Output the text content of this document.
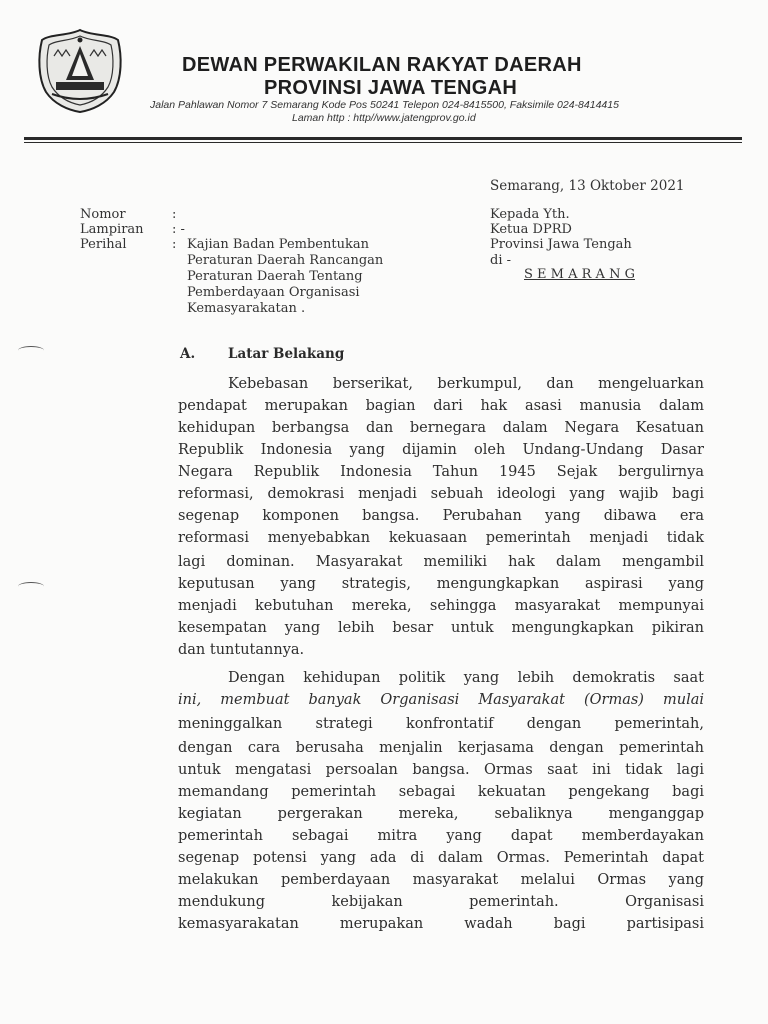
DEWAN PERWAKILAN RAKYAT DAERAH
PROVINSI JAWA TENGAH
Jalan Pahlawan Nomor 7 Semarang Kode Pos 50241 Telepon 024-8415500, Faksimile 024-8414415
Laman http : http//www.jatengprov.go.id
Semarang, 13 Oktober 2021
Nomor	:
Lampiran : -
Perihal	: Kajian Badan Pembentukan
Peraturan Daerah Rancangan
Peraturan Daerah Tentang
Pemberdayaan Organisasi
Kemasyarakatan .
Kepada Yth.
Ketua DPRD
Provinsi Jawa Tengah
di -
S E M A R A N G
A. Latar Belakang
Kebebasan berserikat, berkumpul, dan mengeluarkan
pendapat merupakan bagian dari hak asasi manusia dalam
kehidupan berbangsa dan bernegara dalam Negara Kesatuan
Republik Indonesia yang dijamin oleh Undang-Undang Dasar
Negara Republik Indonesia Tahun 1945 Sejak bergulirnya
reformasi, demokrasi menjadi sebuah ideologi yang wajib bagi
segenap komponen bangsa. Perubahan yang dibawa era
reformasi menyebabkan kekuasaan pemerintah menjadi tidak
lagi dominan. Masyarakat memiliki hak dalam mengambil
keputusan yang strategis, mengungkapkan aspirasi yang
menjadi kebutuhan mereka, sehingga masyarakat mempunyai
kesempatan yang lebih besar untuk mengungkapkan pikiran
dan tuntutannya.
Dengan kehidupan politik yang lebih demokratis saat
ini, membuat banyak Organisasi Masyarakat (Ormas) mulai
meninggalkan strategi konfrontatif dengan pemerintah,
dengan cara berusaha menjalin kerjasama dengan pemerintah
untuk mengatasi persoalan bangsa. Ormas saat ini tidak lagi
memandang pemerintah sebagai kekuatan pengekang bagi
kegiatan pergerakan mereka, sebaliknya menganggap
pemerintah sebagai mitra yang dapat memberdayakan
segenap potensi yang ada di dalam Ormas. Pemerintah dapat
melakukan pemberdayaan masyarakat melalui Ormas yang
mendukung kebijakan pemerintah. Organisasi
kemasyarakatan merupakan wadah bagi partisipasi
